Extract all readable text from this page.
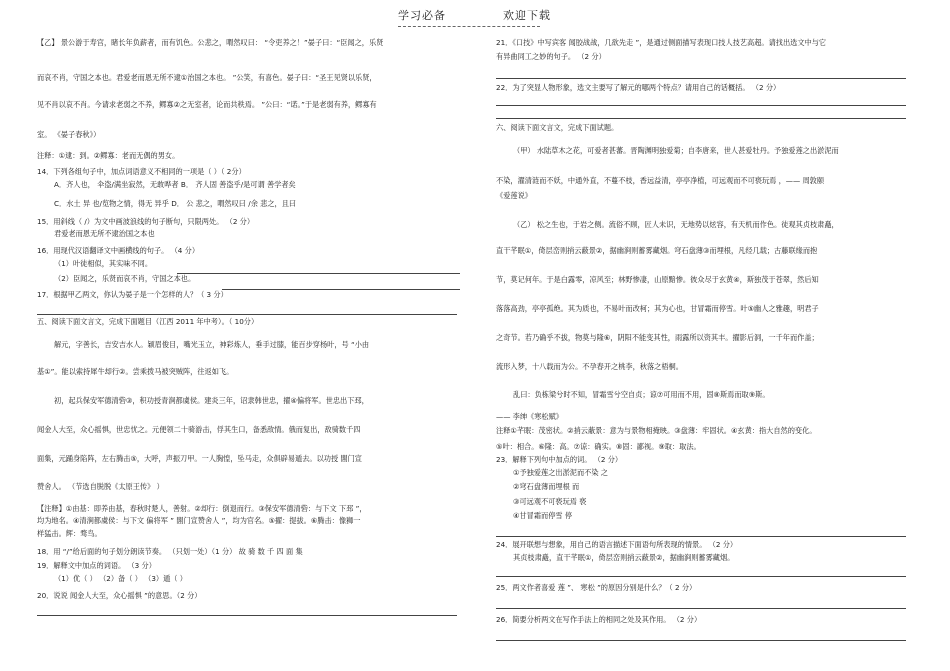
学习必备	欢迎下载
【乙】 景公游于寿宫，睹长年负薪者，而有饥色。公悲之，喟然叹曰： “令吏养之！”晏子曰：“臣闻之，乐贤
而哀不肖，守国之本也。君爱老而恩无所不逮①治国之本也。 ”公笑，有喜色。晏子曰：“圣王见贤以乐贤，
见不肖以哀不肖。今请求老弱之不养，鳏寡②之无室者，论而共秩焉。 ”公曰：“诺。”于是老弱有养，鳏寡有
室。 《晏子春秋》）
注释：①逮：到。②鳏寡：老而无偶的男女。
14．下列各组句子中，加点词语意义不相同的一项是（ ）（ 2分）
A．齐人也， 伞盗/满坐寂然，无敢哗者 B． 齐人固 善盗乎/是可谓 善学者矣
C．水土 异 也/览物之情，得无 异乎 D． 公 悲之，喟然叹曰 /余 悲之，且曰
15．用斜线（ /）为文中画波浪线的句子断句，只限两处。 （2 分）
君爱老而恩无所不逮治国之本也
16．用现代汉语翻译文中画横线的句子。 （4 分）
（1）叶徒相似，其实味不同。
（2）臣闻之，乐贤而哀不肖，守国之本也。
17．根据甲乙两文，你认为晏子是一个怎样的人？（ 3 分）
五、阅读下面文言文，完成下面题目（江西 2011 年中考）。（ 10分）
解元，字善长，吉安吉水人。颖眉俊目，嘴光玉立，神彩炼人，垂手过膝，能百步穿杨叶，号 “小由
基①”。能以索持犀牛却行②。尝乘拨马被突贼阵，往返如飞。
初，起兵保安军德清砦③，积功授青涧都虞侯。建炎三年，诏隶韩世忠，擢④偏将军。世忠出下邳，
闻金人大至，众心摇惧，世忠忧之。元便领二十骑游击，俘其生口，备悉敌情。俄而复出，敌骑数千四
面集，元踊身陷阵，左右腾击⑤，大呼，声振刀甲。一人胸惶，坠马走，众俱辟易遁去。以功授 閤门宣
赞舍人。 （节选自脱脱《太原王传》 ）
【注释】①由基：即养由基，春秋时楚人，善射。②却行：倒退而行。③保安军德清砦：与下文 下邳 ”，
均为地名。④清涧都虞侯：与下文 偏将军 ” 閤门宣赞舍人 ”，均为官名。⑤擢：提拔。⑥腾击：像狮一
样猛击。辉：骛鸟。
18．用 “/”给后面的句子划分朗读节奏。 （只划一处）（1 分） 故 骑 数 千 四 面 集
19．解释文中加点的词语。 （3 分）
（1）优（ ） （2）备（ ） （3）遁（ ）
20．说说 闻金人大至，众心摇惧 ”的意思。（2 分）
21．《口技》中写宾客 闻胶战战，几欲先走 ”，是通过侧面描写表现口技人技艺高超。请找出选文中与它
有异曲同工之妙的句子。 （2 分）
22．为了突显人物形象，选文主要写了解元的哪两个特点？请用自己的话概括。 （2 分）
六、阅读下面文言文，完成下面试题。
（甲） 水陆草木之花，可爱者甚蕃。晋陶渊明独爱菊；自李唐来，世人甚爱牡丹。予独爱莲之出淤泥而
不染，濯清涟而不妖，中通外直，不蔓不枝，香远益清，亭亭净植，可远观而不可亵玩焉 ，—— 周敦颐
《爱莲说》
（乙） 松之生也，于岩之侧。流俗不顾，匠人未识，无地势以炫容，有天机而作色。徒观其贞枝肃矗，
直干芊眠①，倚层峦则捎云蔽景②，据幽涧则蓄雾藏烟。穹石盘薄③而埋根，凡经几载；古藤联缘而抱
节，莫记何年。于是白露零，凉风至；林野惨凄，山原黯惨。彼众尽于玄黄④，斯独茂于苍翠，然后知
落落高劲，亭亭孤绝。其为质也，不易叶而改柯；其为心也，甘冒霜而停雪。叶⑤幽人之雅趣，明君子
之奇节。若乃确乎不拔，物莫与隆⑥，阴阳不能变其性，雨露所以资其丰。擢影后洞，一千年而作盖；
流形入梦，十八载而为公。不孕春开之桃李，秋落之梧桐。
乱曰：负栋梁兮时不知，冒霜雪兮空自贞；谅⑦可用而不用，固⑧斯焉而取⑨斯。
—— 李绅《寒松赋》
注释①芊眠：茂密状。②捎云蔽景：意为与景物相掩映。③盘薄：牢固状。④玄黄：指大自然的变化。
⑤叶：相合。⑥隆：高。⑦谅：确实。⑧固：鄙视。⑨取：取法。
23．解释下列句中加点的词。 （2 分）
①予独爱莲之出淤泥而不染 之
②穹石盘薄而埋根 而
③可远观不可亵玩焉 亵
④甘冒霜而停雪 停
24．展开联想与想象，用自己的语言描述下面语句所表现的情景。 （2 分）
其贞枝肃矗，直干芊眠①，倚层峦则捎云蔽景②，据幽涧则蓄雾藏烟。
25．两文作者喜爱 莲 ”、 寒松 ”的原因分别是什么？（ 2 分）
26．简要分析两文在写作手法上的相同之处及其作用。 （2 分）
